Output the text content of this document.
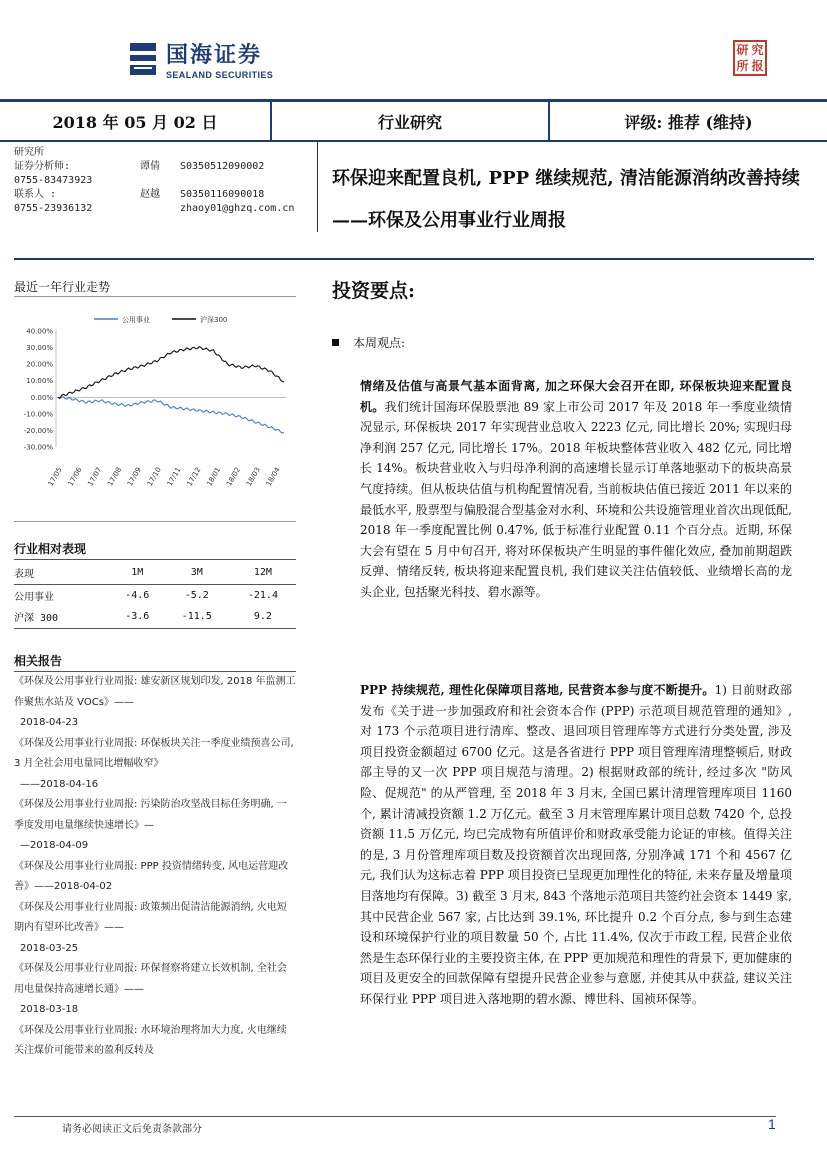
国海证券
SEALAND SECURITIES
研 究
所 报
2018 年 05 月 02 日	行业研究	评级: 推荐 (维持)
研究所
证券分析师:	谭倩	S0350512090002
0755-83473923
联系人 :	赵越	S0350116090018
0755-23936132	zhaoy01@ghzq.com.cn
环保迎来配置良机, PPP 继续规范, 清洁能源消纳改善持续——环保及公用事业行业周报
最近一年行业走势
公用事业	沪深300
40.00%
30.00%
20.00%
10.00%
0.00%
-10.00%
-20.00%
-30.00%
17/05 17/06 17/07 17/08 17/09 17/10 17/11 17/12 18/01 18/02 18/03 18/04
行业相对表现
表现	1M	3M	12M
公用事业	-4.6	-5.2	-21.4
沪深 300	-3.6	-11.5	9.2
相关报告
《环保及公用事业行业周报: 雄安新区规划印发, 2018 年监测工作聚焦水站及 VOCs》——
2018-04-23
《环保及公用事业行业周报: 环保板块关注一季度业绩预喜公司, 3 月全社会用电量同比增幅收窄》
——2018-04-16
《环保及公用事业行业周报: 污染防治攻坚战目标任务明确, 一季度发用电量继续快速增长》—
—2018-04-09
《环保及公用事业行业周报: PPP 投资情绪转变, 风电运营迎改善》——2018-04-02
《环保及公用事业行业周报: 政策频出促清洁能源消纳, 火电短期内有望环比改善》——
2018-03-25
《环保及公用事业行业周报: 环保督察将建立长效机制, 全社会用电量保持高速增长通》——
2018-03-18
《环保及公用事业行业周报: 水环境治理将加大力度, 火电继续关注煤价可能带来的盈利反转及
投资要点:
本周观点:
情绪及估值与高景气基本面背离, 加之环保大会召开在即, 环保板块迎来配置良机。我们统计国海环保股票池 89 家上市公司 2017 年及 2018 年一季度业绩情况显示, 环保板块 2017 年实现营业总收入 2223 亿元, 同比增长 20%; 实现归母净利润 257 亿元, 同比增长 17%。2018 年板块整体营业收入 482 亿元, 同比增长 14%。板块营业收入与归母净利润的高速增长显示订单落地驱动下的板块高景气度持续。但从板块估值与机构配置情况看, 当前板块估值已接近 2011 年以来的最低水平, 股票型与偏股混合型基金对水利、环境和公共设施管理业首次出现低配, 2018 年一季度配置比例 0.47%, 低于标准行业配置 0.11 个百分点。近期, 环保大会有望在 5 月中旬召开, 将对环保板块产生明显的事件催化效应, 叠加前期超跌反弹、情绪反转, 板块将迎来配置良机, 我们建议关注估值较低、业绩增长高的龙头企业, 包括聚光科技、碧水源等。
PPP 持续规范, 理性化保障项目落地, 民营资本参与度不断提升。1) 日前财政部发布《关于进一步加强政府和社会资本合作 (PPP) 示范项目规范管理的通知》, 对 173 个示范项目进行清库、整改、退回项目管理库等方式进行分类处置, 涉及项目投资金额超过 6700 亿元。这是各省进行 PPP 项目管理库清理整顿后, 财政部主导的又一次 PPP 项目规范与清理。2) 根据财政部的统计, 经过多次 "防风险、促规范" 的从严管理, 至 2018 年 3 月末, 全国已累计清理管理库项目 1160 个, 累计清减投资额 1.2 万亿元。截至 3 月末管理库累计项目总数 7420 个, 总投资额 11.5 万亿元, 均已完成物有所值评价和财政承受能力论证的审核。值得关注的是, 3 月份管理库项目数及投资额首次出现回落, 分别净减 171 个和 4567 亿元, 我们认为这标志着 PPP 项目投资已呈现更加理性化的特征, 未来存量及增量项目落地均有保障。3) 截至 3 月末, 843 个落地示范项目共签约社会资本 1449 家, 其中民营企业 567 家, 占比达到 39.1%, 环比提升 0.2 个百分点, 参与到生态建设和环境保护行业的项目数量 50 个, 占比 11.4%, 仅次于市政工程, 民营企业依然是生态环保行业的主要投资主体, 在 PPP 更加规范和理性的背景下, 更加健康的项目及更安全的回款保障有望提升民营企业参与意愿, 并使其从中获益, 建议关注环保行业 PPP 项目进入落地期的碧水源、博世科、国祯环保等。
请务必阅读正文后免责条款部分	1
